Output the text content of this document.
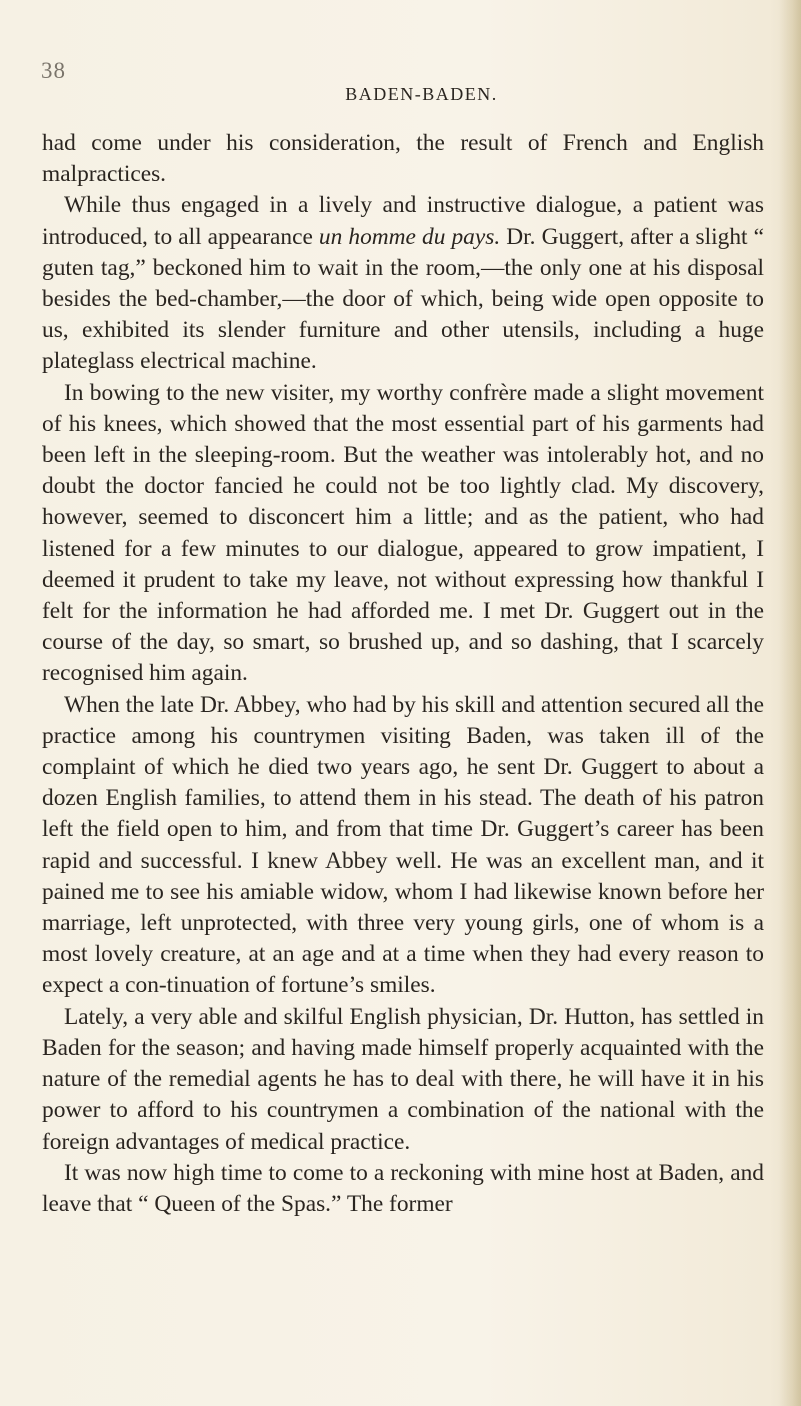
38
BADEN-BADEN.

had come under his consideration, the result of French and English malpractices.

While thus engaged in a lively and instructive dialogue, a patient was introduced, to all appearance un homme du pays. Dr. Guggert, after a slight “ guten tag,” beckoned him to wait in the room,—the only one at his disposal besides the bed-chamber,—the door of which, being wide open opposite to us, exhibited its slender furniture and other utensils, including a huge plateglass electrical machine.

In bowing to the new visiter, my worthy confrère made a slight movement of his knees, which showed that the most essential part of his garments had been left in the sleeping-room. But the weather was intolerably hot, and no doubt the doctor fancied he could not be too lightly clad. My discovery, however, seemed to disconcert him a little; and as the patient, who had listened for a few minutes to our dialogue, appeared to grow impatient, I deemed it prudent to take my leave, not without expressing how thankful I felt for the information he had afforded me. I met Dr. Guggert out in the course of the day, so smart, so brushed up, and so dashing, that I scarcely recognised him again.

When the late Dr. Abbey, who had by his skill and attention secured all the practice among his countrymen visiting Baden, was taken ill of the complaint of which he died two years ago, he sent Dr. Guggert to about a dozen English families, to attend them in his stead. The death of his patron left the field open to him, and from that time Dr. Guggert’s career has been rapid and successful. I knew Abbey well. He was an excellent man, and it pained me to see his amiable widow, whom I had likewise known before her marriage, left unprotected, with three very young girls, one of whom is a most lovely creature, at an age and at a time when they had every reason to expect a con-tinuation of fortune’s smiles.

Lately, a very able and skilful English physician, Dr. Hutton, has settled in Baden for the season; and having made himself properly acquainted with the nature of the remedial agents he has to deal with there, he will have it in his power to afford to his countrymen a combination of the national with the foreign advantages of medical practice.

It was now high time to come to a reckoning with mine host at Baden, and leave that “ Queen of the Spas.” The former
